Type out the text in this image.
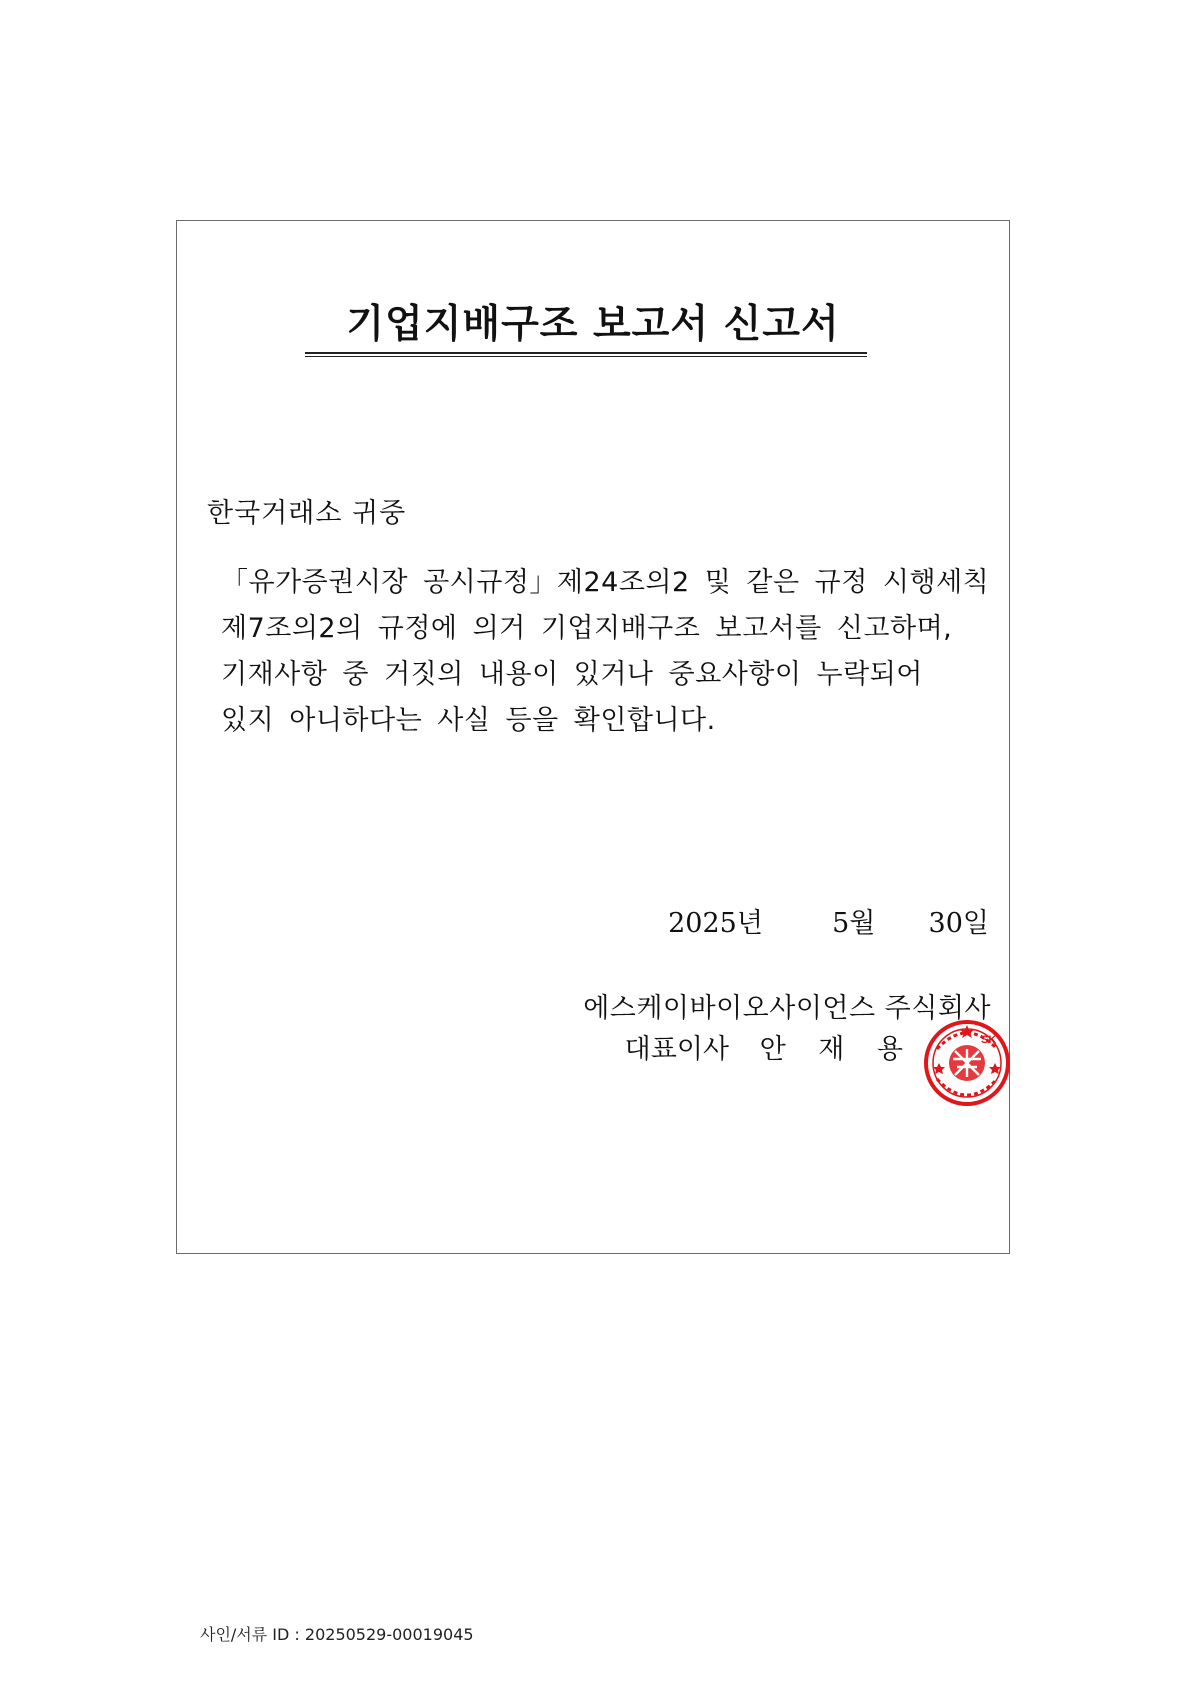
기업지배구조 보고서 신고서
한국거래소 귀중
「유가증권시장 공시규정」제24조의2 및 같은 규정 시행세칙
제7조의2의 규정에 의거 기업지배구조 보고서를 신고하며,
기재사항 중 거짓의 내용이 있거나 중요사항이 누락되어
있지 아니하다는 사실 등을 확인합니다.
2025년	5월 30일
에스케이바이오사이언스 주식회사
대표이사 안 재 용	SK
사인/서류 ID : 20250529-00019045
